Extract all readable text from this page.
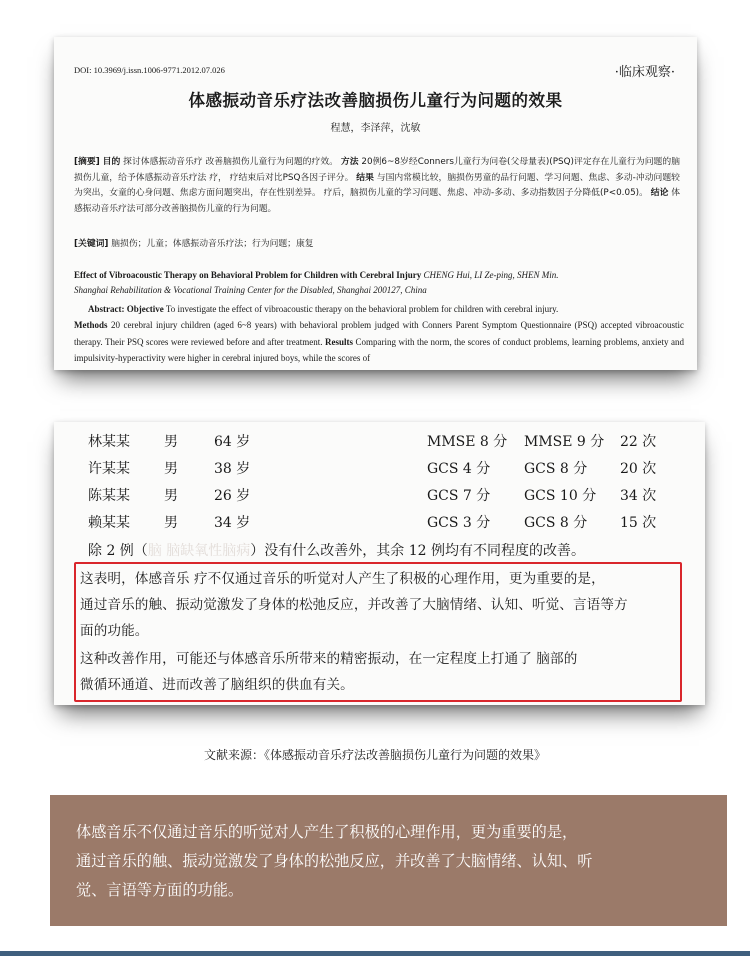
DOI: 10.3969/j.issn.1006-9771.2012.07.026	·临床观察·
体感振动音乐疗法改善脑损伤儿童行为问题的效果
程慧，李泽萍，沈敏
[摘要] 目的 探讨体感振动音乐疗 改善脑损伤儿童行为问题的疗效。 方法 20例6~8岁经Conners儿童行为问卷(父母量表)(PSQ)评定存在儿童行为问题的脑损伤儿童，给予体感振动音乐疗法 疗， 疗结束后对比PSQ各因子评分。 结果 与国内常模比较，脑损伤男童的品行问题、学习问题、焦虑、多动-冲动问题较为突出，女童的心身问题、焦虑方面问题突出，存在性别差异。 疗后，脑损伤儿童的学习问题、焦虑、冲动-多动、多动指数因子分降低(P<0.05)。 结论 体感振动音乐疗法可部分改善脑损伤儿童的行为问题。
[关键词] 脑损伤；儿童；体感振动音乐疗法；行为问题；康复
Effect of Vibroacoustic Therapy on Behavioral Problem for Children with Cerebral Injury CHENG Hui, LI Ze-ping, SHEN Min.
Shanghai Rehabilitation & Vocational Training Center for the Disabled, Shanghai 200127, China
Abstract: Objective To investigate the effect of vibroacoustic therapy on the behavioral problem for children with cerebral injury.
Methods 20 cerebral injury children (aged 6~8 years) with behavioral problem judged with Conners Parent Symptom Questionnaire (PSQ) accepted vibroacoustic therapy. Their PSQ scores were reviewed before and after treatment. Results Comparing with the norm, the scores of conduct problems, learning problems, anxiety and impulsivity-hyperactivity were higher in cerebral injured boys, while the scores of
林某某 男	64 岁	MMSE 8 分 MMSE 9 分 22 次
许某某 男	38 岁	GCS 4 分 GCS 8 分 20 次
陈某某 男	26 岁	GCS 7 分 GCS 10 分 34 次
赖某某 男	34 岁	GCS 3 分 GCS 8 分 15 次
除 2 例（脑 脑缺氧性脑病）没有什么改善外，其余 12 例均有不同程度的改善。
这表明，体感音乐 疗不仅通过音乐的听觉对人产生了积极的心理作用，更为重要的是，
通过音乐的触、振动觉激发了身体的松弛反应，并改善了大脑情绪、认知、听觉、言语等方
面的功能。
这种改善作用，可能还与体感音乐所带来的精密振动，在一定程度上打通了 脑部的
微循环通道、进而改善了脑组织的供血有关。
文献来源：《体感振动音乐疗法改善脑损伤儿童行为问题的效果》
体感音乐不仅通过音乐的听觉对人产生了积极的心理作用，更为重要的是，
通过音乐的触、振动觉激发了身体的松弛反应，并改善了大脑情绪、认知、听
觉、言语等方面的功能。
